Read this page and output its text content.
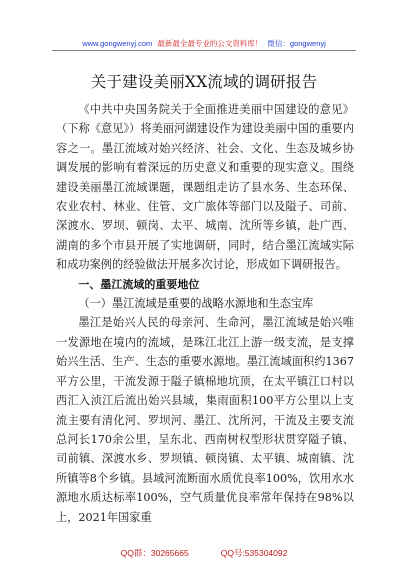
www.gongwenyj.com 最新最全最专业的公文资料库！ 微信：gongwenyj
关于建设美丽XX流域的调研报告

《中共中央国务院关于全面推进美丽中国建设的意见》（下称《意见》）将美丽河湖建设作为建设美丽中国的重要内容之一。墨江流域对始兴经济、社会、文化、生态及城乡协调发展的影响有着深远的历史意义和重要的现实意义。围绕建设美丽墨江流域课题，课题组走访了县水务、生态环保、农业农村、林业、住管、文广旅体等部门以及隘子、司前、深渡水、罗坝、顿岗、太平、城南、沈所等乡镇，赴广西、湖南的多个市县开展了实地调研，同时，结合墨江流域实际和成功案例的经验做法开展多次讨论，形成如下调研报告。

一、墨江流域的重要地位

（一）墨江流域是重要的战略水源地和生态宝库

墨江是始兴人民的母亲河、生命河，墨江流域是始兴唯一发源地在境内的流域，是珠江北江上游一级支流，是支撑始兴生活、生产、生态的重要水源地。墨江流域面积约1367平方公里，干流发源于隘子镇棉地坑顶，在太平镇江口村以西汇入浈江后流出始兴县域，集雨面积100平方公里以上支流主要有清化河、罗坝河、墨江、沈所河，干流及主要支流总河长170余公里，呈东北、西南树权型形状贯穿隘子镇、司前镇、深渡水乡、罗坝镇、顿岗镇、太平镇、城南镇、沈所镇等8个乡镇。县域河流断面水质优良率100%，饮用水水源地水质达标率100%，空气质量优良率常年保持在98%以上，2021年国家重

QQ群：30265665	QQ号:535304092
